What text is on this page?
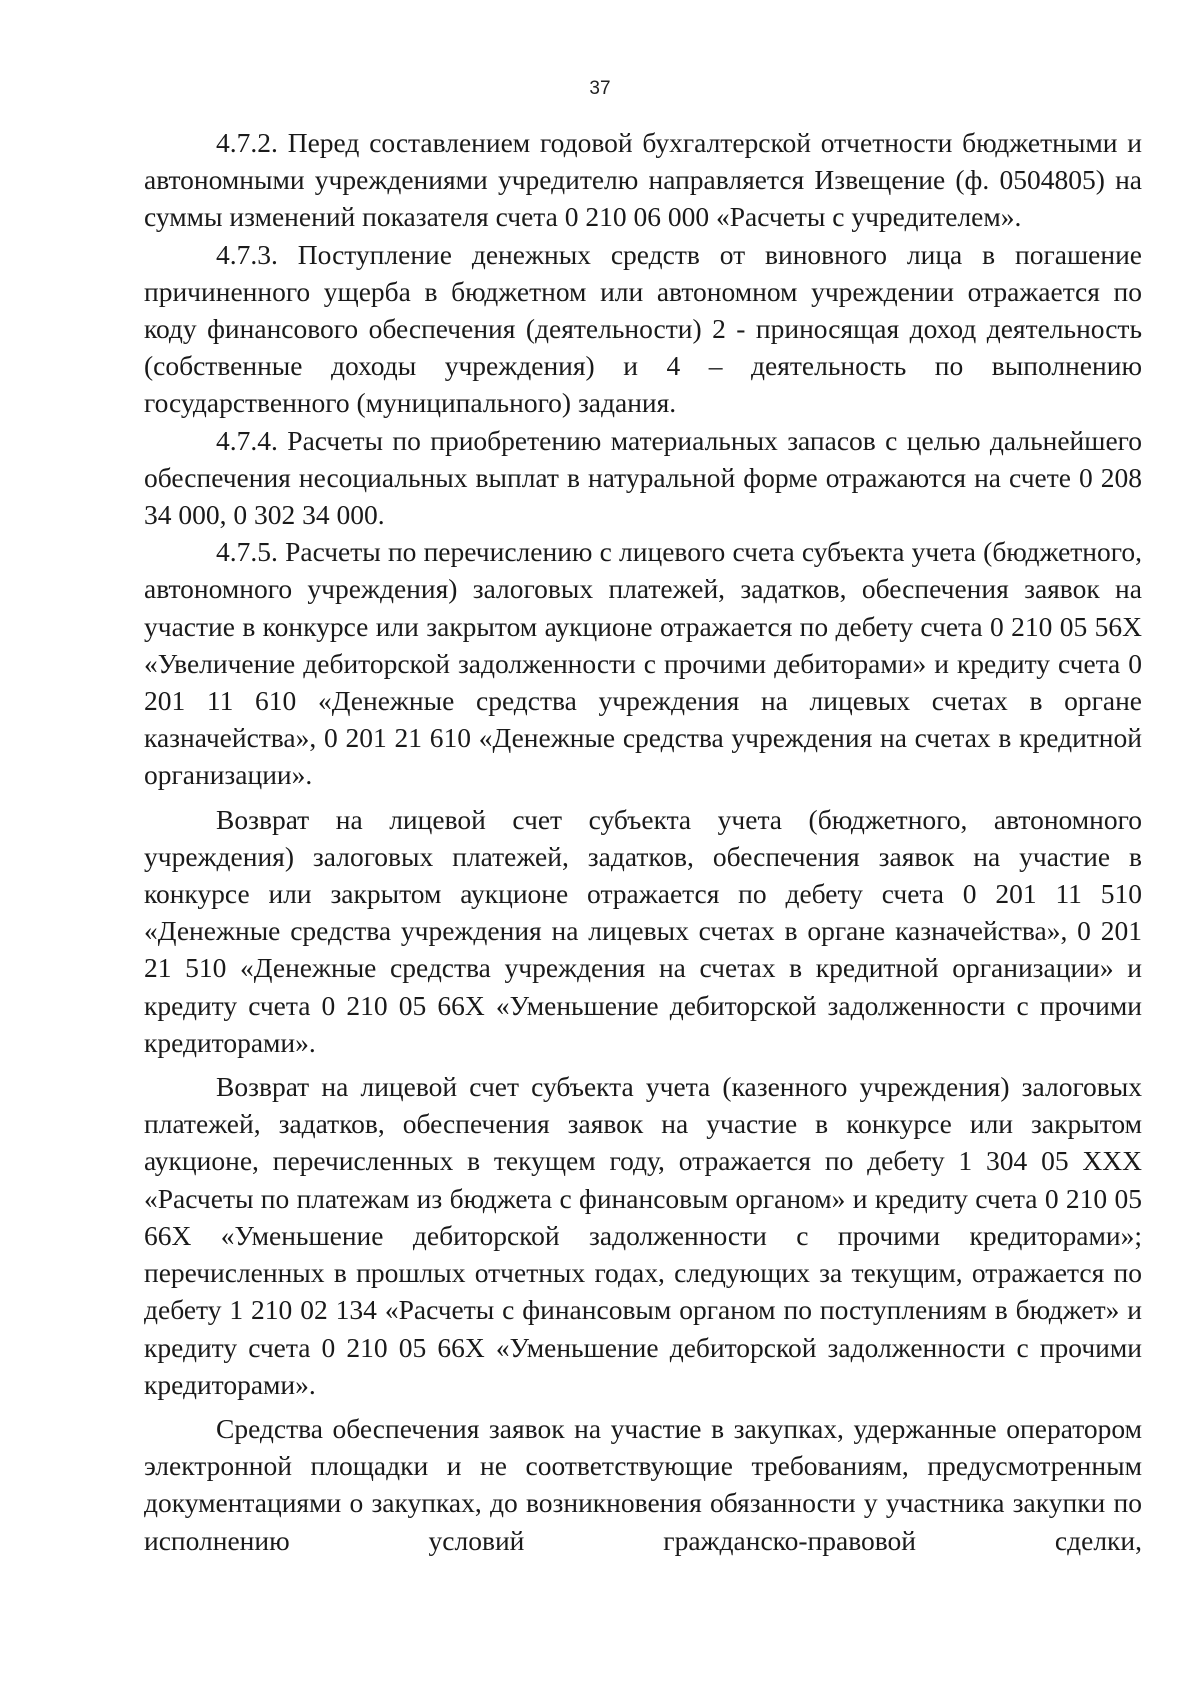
37

4.7.2. Перед составлением годовой бухгалтерской отчетности бюджетными и автономными учреждениями учредителю направляется Извещение (ф. 0504805) на суммы изменений показателя счета 0 210 06 000 «Расчеты с учредителем».

4.7.3. Поступление денежных средств от виновного лица в погашение причиненного ущерба в бюджетном или автономном учреждении отражается по коду финансового обеспечения (деятельности) 2 - приносящая доход деятельность (собственные доходы учреждения) и 4 – деятельность по выполнению государственного (муниципального) задания.

4.7.4. Расчеты по приобретению материальных запасов с целью дальнейшего обеспечения несоциальных выплат в натуральной форме отражаются на счете 0 208 34 000, 0 302 34 000.

4.7.5. Расчеты по перечислению с лицевого счета субъекта учета (бюджетного, автономного учреждения) залоговых платежей, задатков, обеспечения заявок на участие в конкурсе или закрытом аукционе отражается по дебету счета 0 210 05 56Х «Увеличение дебиторской задолженности с прочими дебиторами» и кредиту счета 0 201 11 610 «Денежные средства учреждения на лицевых счетах в органе казначейства», 0 201 21 610 «Денежные средства учреждения на счетах в кредитной организации».

Возврат на лицевой счет субъекта учета (бюджетного, автономного учреждения) залоговых платежей, задатков, обеспечения заявок на участие в конкурсе или закрытом аукционе отражается по дебету счета 0 201 11 510 «Денежные средства учреждения на лицевых счетах в органе казначейства», 0 201 21 510 «Денежные средства учреждения на счетах в кредитной организации» и кредиту счета 0 210 05 66Х «Уменьшение дебиторской задолженности с прочими кредиторами».

Возврат на лицевой счет субъекта учета (казенного учреждения) залоговых платежей, задатков, обеспечения заявок на участие в конкурсе или закрытом аукционе, перечисленных в текущем году, отражается по дебету 1 304 05 ХХХ «Расчеты по платежам из бюджета с финансовым органом» и кредиту счета 0 210 05 66Х «Уменьшение дебиторской задолженности с прочими кредиторами»; перечисленных в прошлых отчетных годах, следующих за текущим, отражается по дебету 1 210 02 134 «Расчеты с финансовым органом по поступлениям в бюджет» и кредиту счета 0 210 05 66Х «Уменьшение дебиторской задолженности с прочими кредиторами».

Средства обеспечения заявок на участие в закупках, удержанные оператором электронной площадки и не соответствующие требованиям, предусмотренным документациями о закупках, до возникновения обязанности у участника закупки по исполнению условий гражданско-правовой сделки,
